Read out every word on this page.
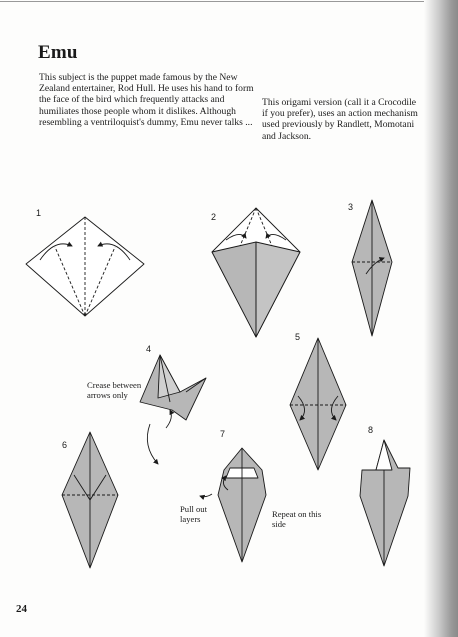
Emu

This subject is the puppet made famous by the New Zealand entertainer, Rod Hull. He uses his hand to form the face of the bird which frequently attacks and humiliates those people whom it dislikes. Although resembling a ventriloquist's dummy, Emu never talks ...

This origami version (call it a Crocodile if you prefer), uses an action mechanism used previously by Randlett, Momotani and Jackson.

1	2
3
4
5
6
7	8
Crease between arrows only
Pull out layers	Repeat on this side
24
